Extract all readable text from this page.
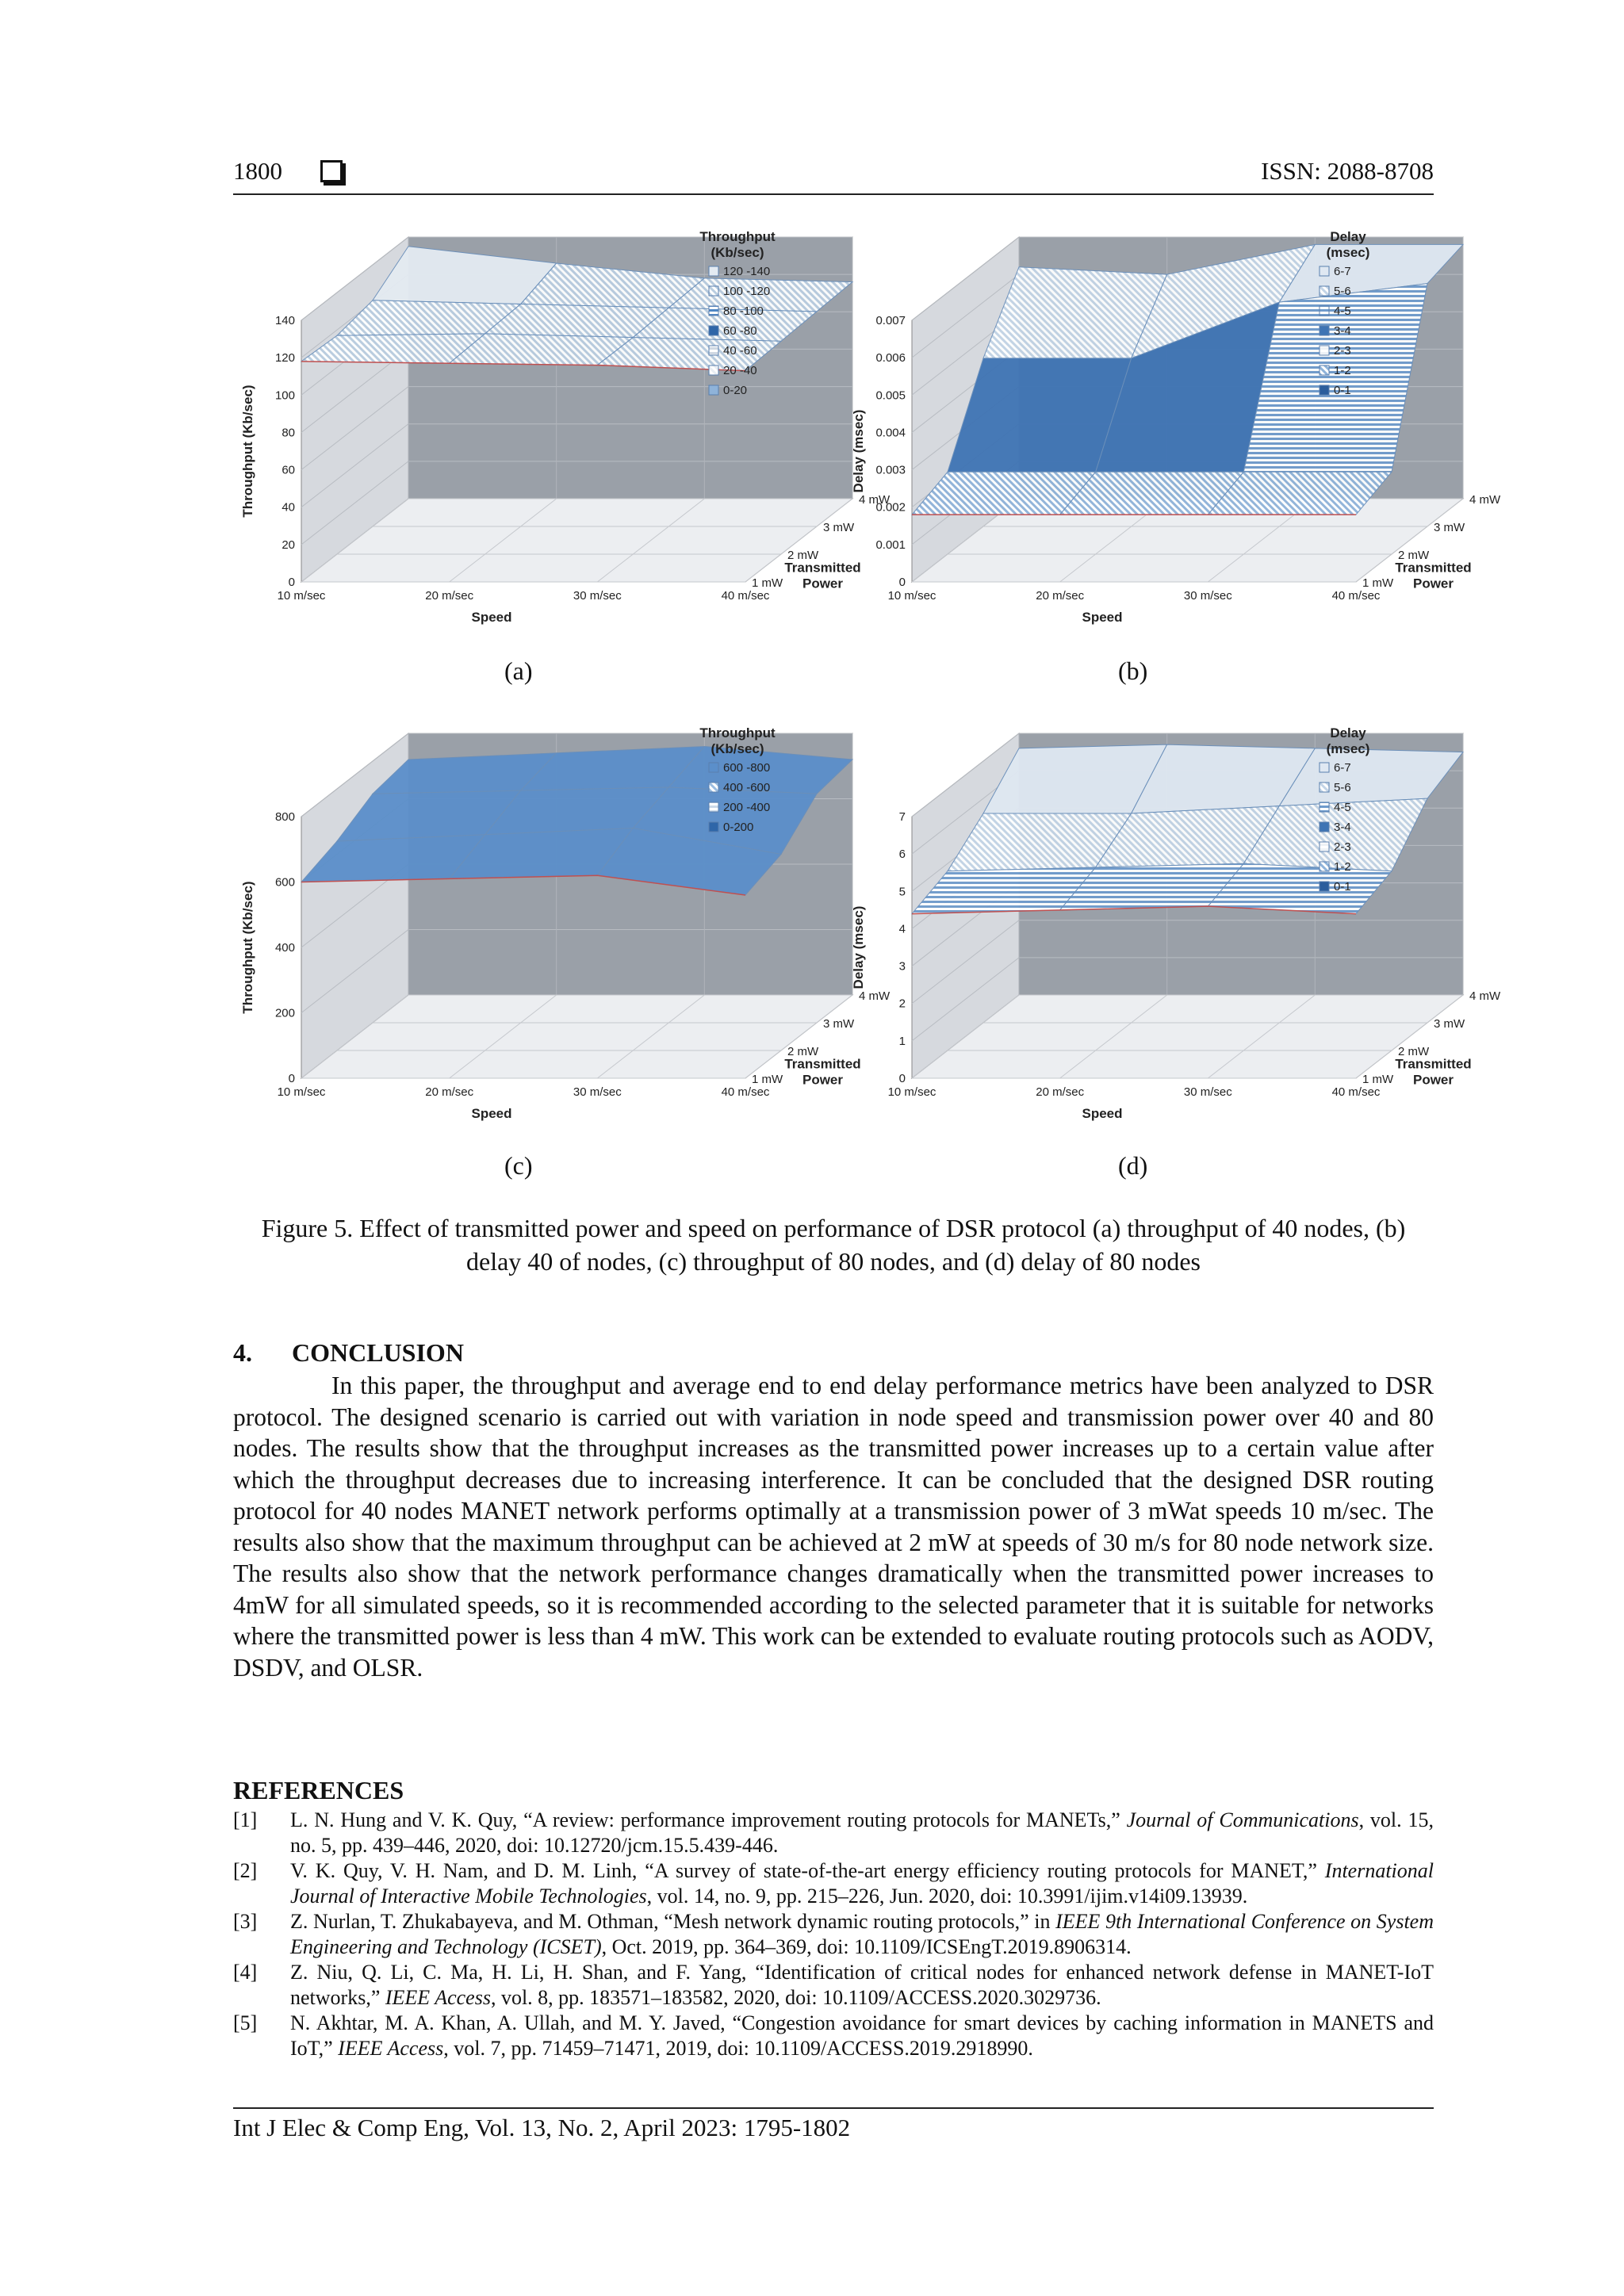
1800	ISSN: 2088-8708
0
20
40
60
80
100
120
140
Throughput (Kb/sec)
10 m/sec	20 m/sec	30 m/sec	40 m/sec
Speed
1 mW
2 mW
3 mW
4 mW
Transmitted
Power
Throughput
(Kb/sec)
120 -140
100 -120
80 -100
60 -80
40 -60
20 -40
0-20
0
0.001
0.002
0.003
0.004
0.005
0.006
0.007
Delay (msec)
10 m/sec	20 m/sec	30 m/sec	40 m/sec
Speed
1 mW
2 mW
3 mW
4 mW
Transmitted
Power
Delay
(msec)
6-7
5-6
4-5
3-4
2-3
1-2
0-1
0
200
400
600
800
Throughput (Kb/sec)
10 m/sec	20 m/sec	30 m/sec	40 m/sec
Speed
1 mW
2 mW
3 mW
4 mW
Transmitted
Power
Throughput
(Kb/sec)
600 -800
400 -600
200 -400
0-200
0
1
2
3
4
5
6
7
Delay (msec)
10 m/sec	20 m/sec	30 m/sec	40 m/sec
Speed
1 mW
2 mW
3 mW
4 mW
Transmitted
Power
Delay
(msec)
6-7
5-6
4-5
3-4
2-3
1-2
0-1
(a)	(b)
(c)	(d)
Figure 5. Effect of transmitted power and speed on performance of DSR protocol (a) throughput of 40 nodes, (b) delay 40 of nodes, (c) throughput of 80 nodes, and (d) delay of 80 nodes
4. CONCLUSION
In this paper, the throughput and average end to end delay performance metrics have been analyzed to DSR protocol. The designed scenario is carried out with variation in node speed and transmission power over 40 and 80 nodes. The results show that the throughput increases as the transmitted power increases up to a certain value after which the throughput decreases due to increasing interference. It can be concluded that the designed DSR routing protocol for 40 nodes MANET network performs optimally at a transmission power of 3 mWat speeds 10 m/sec. The results also show that the maximum throughput can be achieved at 2 mW at speeds of 30 m/s for 80 node network size. The results also show that the network performance changes dramatically when the transmitted power increases to 4mW for all simulated speeds, so it is recommended according to the selected parameter that it is suitable for networks where the transmitted power is less than 4 mW. This work can be extended to evaluate routing protocols such as AODV, DSDV, and OLSR.
REFERENCES
[1] L. N. Hung and V. K. Quy, “A review: performance improvement routing protocols for MANETs,” Journal of Communications, vol. 15, no. 5, pp. 439–446, 2020, doi: 10.12720/jcm.15.5.439-446.
[2] V. K. Quy, V. H. Nam, and D. M. Linh, “A survey of state-of-the-art energy efficiency routing protocols for MANET,” International Journal of Interactive Mobile Technologies, vol. 14, no. 9, pp. 215–226, Jun. 2020, doi: 10.3991/ijim.v14i09.13939.
[3] Z. Nurlan, T. Zhukabayeva, and M. Othman, “Mesh network dynamic routing protocols,” in IEEE 9th International Conference on System Engineering and Technology (ICSET), Oct. 2019, pp. 364–369, doi: 10.1109/ICSEngT.2019.8906314.
[4] Z. Niu, Q. Li, C. Ma, H. Li, H. Shan, and F. Yang, “Identification of critical nodes for enhanced network defense in MANET-IoT networks,” IEEE Access, vol. 8, pp. 183571–183582, 2020, doi: 10.1109/ACCESS.2020.3029736.
[5] N. Akhtar, M. A. Khan, A. Ullah, and M. Y. Javed, “Congestion avoidance for smart devices by caching information in MANETS and IoT,” IEEE Access, vol. 7, pp. 71459–71471, 2019, doi: 10.1109/ACCESS.2019.2918990.
Int J Elec & Comp Eng, Vol. 13, No. 2, April 2023: 1795-1802
